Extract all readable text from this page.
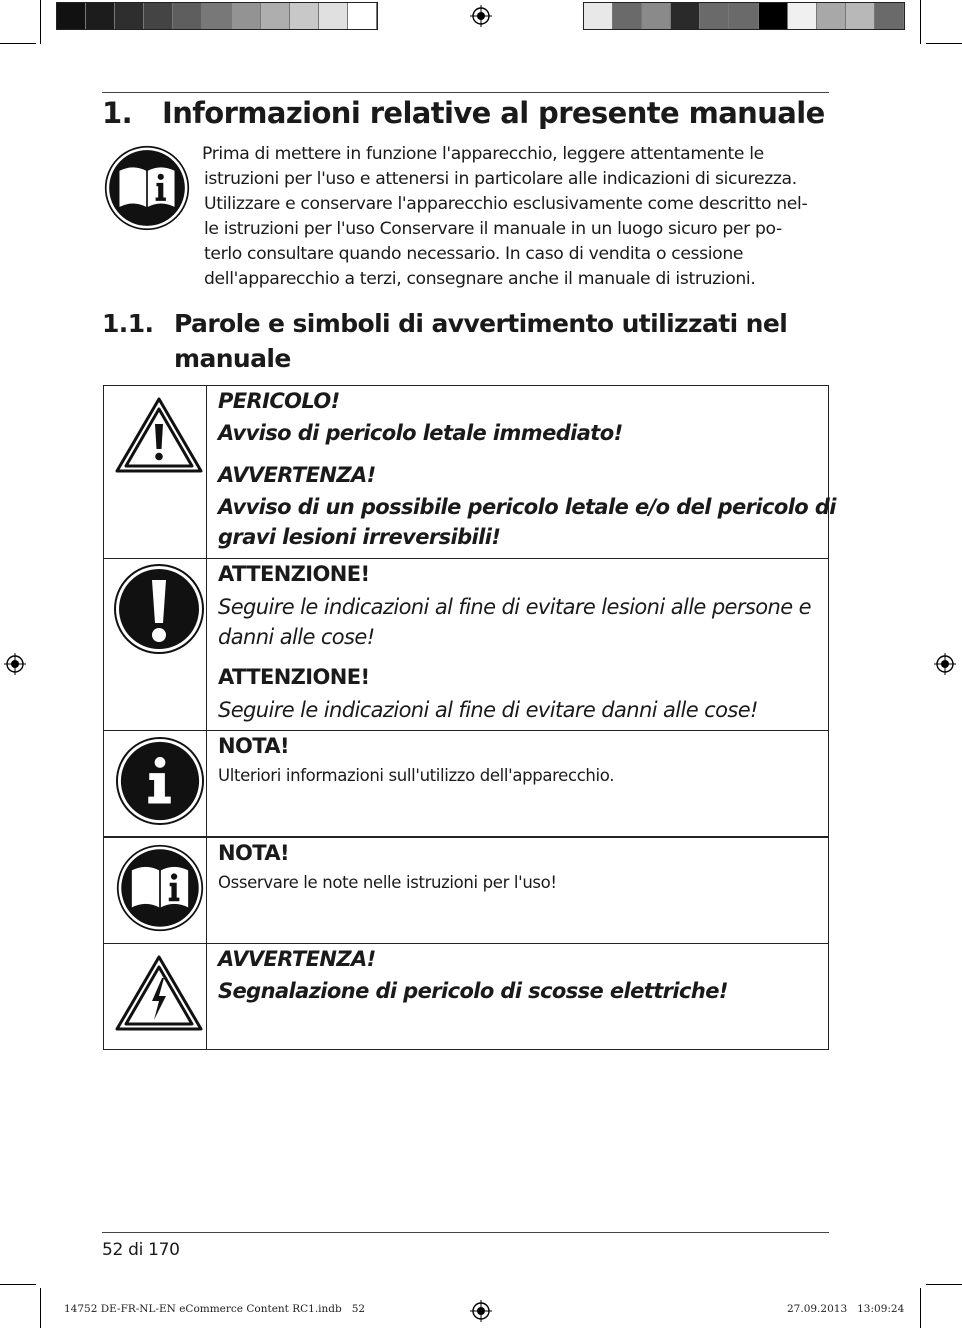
1. Informazioni relative al presente manuale
Prima di mettere in funzione l'apparecchio, leggere attentamente le
istruzioni per l'uso e attenersi in particolare alle indicazioni di sicurezza.
Utilizzare e conservare l'apparecchio esclusivamente come descritto nel-
le istruzioni per l'uso Conservare il manuale in un luogo sicuro per po-
terlo consultare quando necessario. In caso di vendita o cessione
dell'apparecchio a terzi, consegnare anche il manuale di istruzioni.
1.1. Parole e simboli di avvertimento utilizzati nel
manuale
PERICOLO!
Avviso di pericolo letale immediato!
AVVERTENZA!
Avviso di un possibile pericolo letale e/o del pericolo di
gravi lesioni irreversibili!
ATTENZIONE!
Seguire le indicazioni al fine di evitare lesioni alle persone e
danni alle cose!
ATTENZIONE!
Seguire le indicazioni al fine di evitare danni alle cose!
NOTA!
Ulteriori informazioni sull'utilizzo dell'apparecchio.
NOTA!
Osservare le note nelle istruzioni per l'uso!
AVVERTENZA!
Segnalazione di pericolo di scosse elettriche!
52 di 170
14752 DE-FR-NL-EN eCommerce Content RC1.indb   52	27.09.2013   13:09:24
